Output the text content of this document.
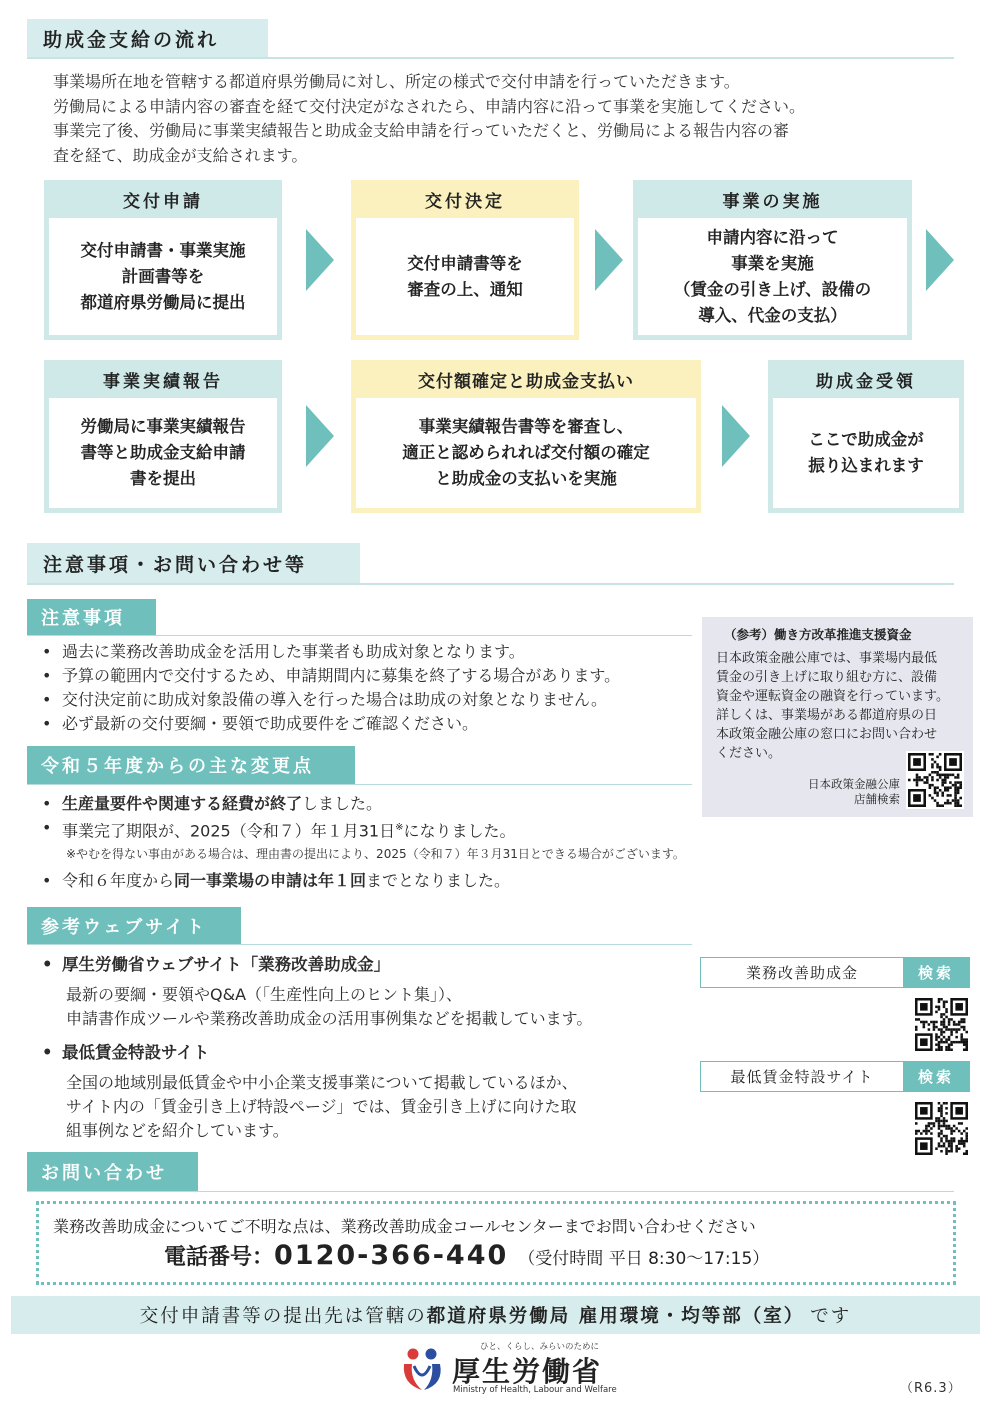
助成金支給の流れ

事業場所在地を管轄する都道府県労働局に対し、所定の様式で交付申請を行っていただきます。

労働局による申請内容の審査を経て交付決定がなされたら、申請内容に沿って事業を実施してください。

事業完了後、労働局に事業実績報告と助成金支給申請を行っていただくと、労働局による報告内容の審

査を経て、助成金が支給されます。

交付申請
交付申請書・事業実施
計画書等を
都道府県労働局に提出
交付決定
交付申請書等を
審査の上、通知
事業の実施
申請内容に沿って
事業を実施
（賃金の引き上げ、設備の
導入、代金の支払）
事業実績報告
労働局に事業実績報告
書等と助成金支給申請
書を提出
交付額確定と助成金支払い
事業実績報告書等を審査し、
適正と認められれば交付額の確定
と助成金の支払いを実施
助成金受領
ここで助成金が
振り込まれます
注意事項・お問い合わせ等
注意事項
• 過去に業務改善助成金を活用した事業者も助成対象となります。
• 予算の範囲内で交付するため、申請期間内に募集を終了する場合があります。
• 交付決定前に助成対象設備の導入を行った場合は助成の対象となりません。
• 必ず最新の交付要綱・要領で助成要件をご確認ください。
（参考）働き方改革推進支援資金
日本政策金融公庫では、事業場内最低
賃金の引き上げに取り組む方に、設備
資金や運転資金の融資を行っています。
詳しくは、事業場がある都道府県の日
本政策金融公庫の窓口にお問い合わせ
ください。
日本政策金融公庫
店舗検索
令和５年度からの主な変更点
• 生産量要件や関連する経費が終了しました。
• 事業完了期限が、2025（令和７）年１月31日※になりました。
※やむを得ない事由がある場合は、理由書の提出により、2025（令和７）年３月31日とできる場合がございます。
• 令和６年度から同一事業場の申請は年１回までとなりました。
参考ウェブサイト
• 厚生労働省ウェブサイト「業務改善助成金」
最新の要綱・要領やQ&A（「生産性向上のヒント集」）、
申請書作成ツールや業務改善助成金の活用事例集などを掲載しています。
• 最低賃金特設サイト
全国の地域別最低賃金や中小企業支援事業について掲載しているほか、
サイト内の「賃金引き上げ特設ページ」では、賃金引き上げに向けた取
組事例などを紹介しています。
業務改善助成金	検索
最低賃金特設サイト	検索
お問い合わせ
業務改善助成金についてご不明な点は、業務改善助成金コールセンターまでお問い合わせください
電話番号： 0120-366-440 （受付時間 平日 8:30〜17:15）
交付申請書等の提出先は管轄の 都道府県労働局 雇用環境・均等部（室） です
ひと、くらし、みらいのために
厚生労働省
Ministry of Health, Labour and Welfare	（R6.3）
